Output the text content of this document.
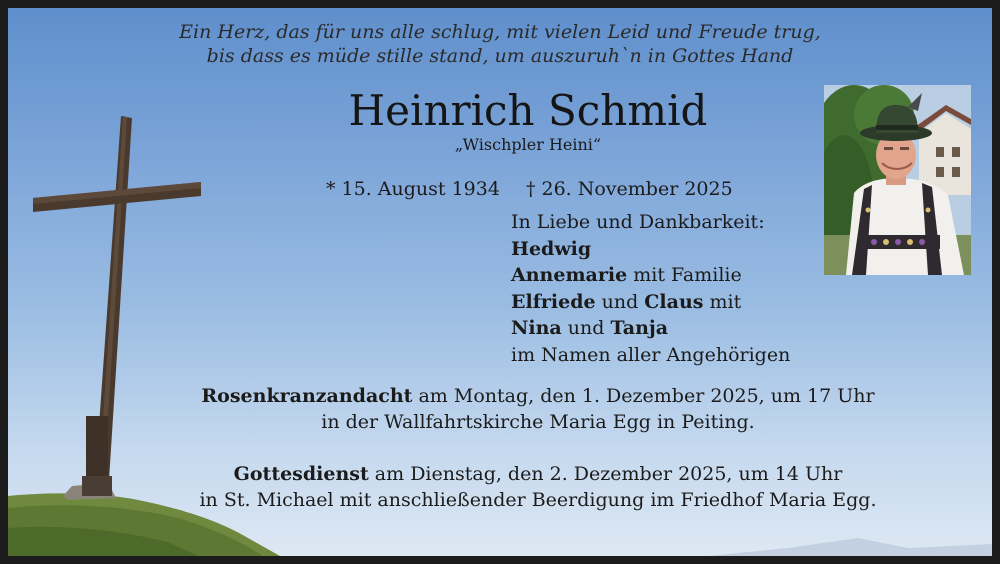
Ein Herz, das für uns alle schlug, mit vielen Leid und Freude trug,
bis dass es müde stille stand, um auszuruh`n in Gottes Hand
Heinrich Schmid
„Wischpler Heini“
* 15. August 1934 † 26. November 2025
In Liebe und Dankbarkeit:
Hedwig
Annemarie mit Familie
Elfriede und Claus mit
Nina und Tanja
im Namen aller Angehörigen
Rosenkranzandacht am Montag, den 1. Dezember 2025, um 17 Uhr
in der Wallfahrtskirche Maria Egg in Peiting.
Gottesdienst am Dienstag, den 2. Dezember 2025, um 14 Uhr
in St. Michael mit anschließender Beerdigung im Friedhof Maria Egg.
